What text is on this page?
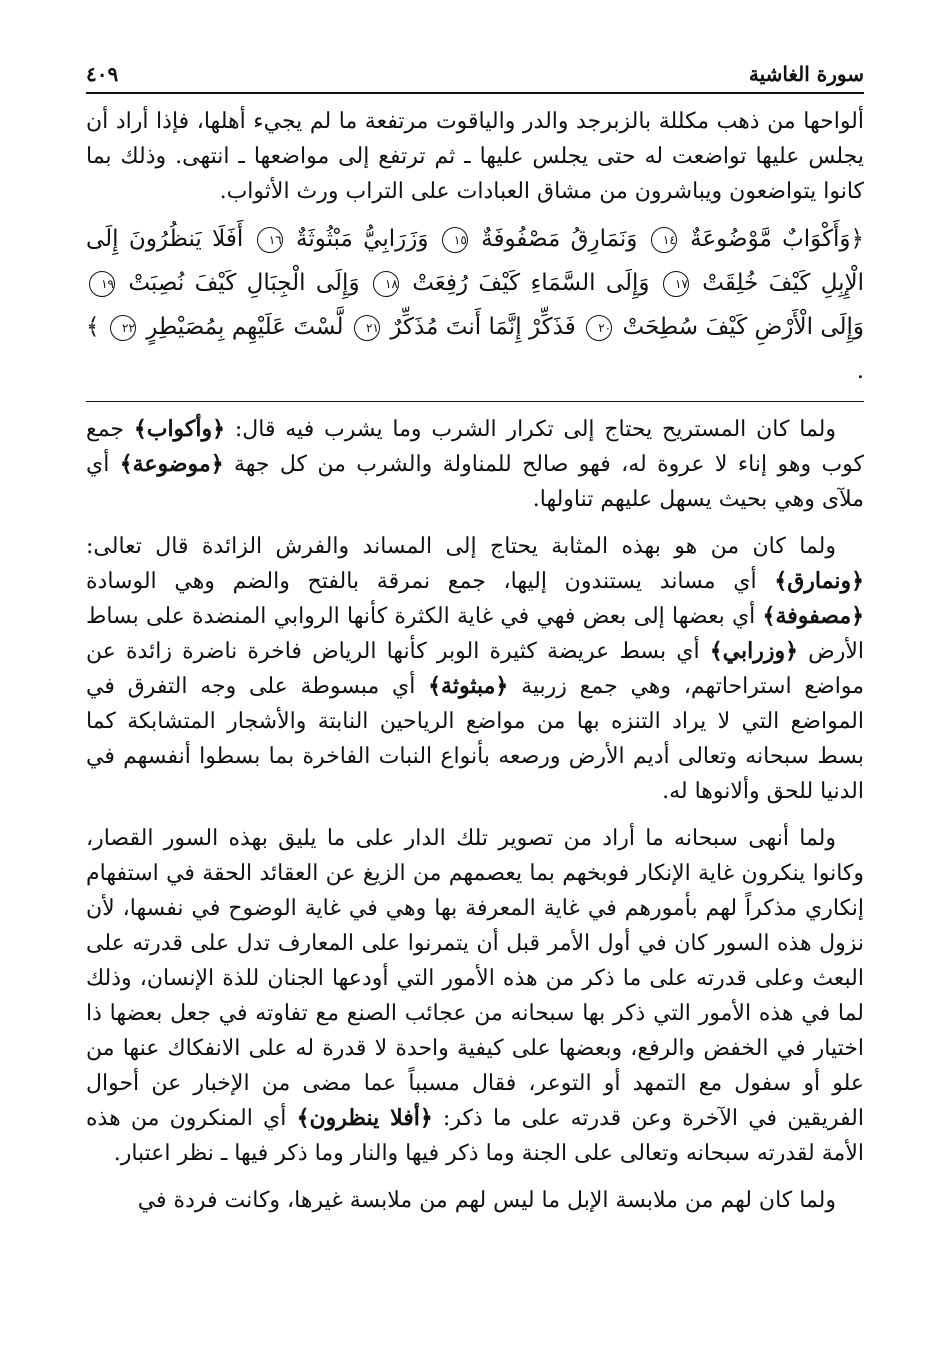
سورة الغاشية
٤٠٩

ألواحها من ذهب مكللة بالزبرجد والدر والياقوت مرتفعة ما لم يجيء أهلها، فإذا أراد أن يجلس عليها تواضعت له حتى يجلس عليها ـ ثم ترتفع إلى مواضعها ـ انتهى. وذلك بما كانوا يتواضعون ويباشرون من مشاق العبادات على التراب ورث الأثواب.

﴿وَأَكْوَابٌ مَّوْضُوعَةٌ ١٤ وَنَمَارِقُ مَصْفُوفَةٌ ١٥ وَزَرَابِيُّ مَبْثُوثَةٌ ١٦ أَفَلَا يَنظُرُونَ إِلَى الْإِبِلِ كَيْفَ خُلِقَتْ ١٧ وَإِلَى السَّمَاءِ كَيْفَ رُفِعَتْ ١٨ وَإِلَى الْجِبَالِ كَيْفَ نُصِبَتْ ١٩ وَإِلَى الْأَرْضِ كَيْفَ سُطِحَتْ ٢٠ فَذَكِّرْ إِنَّمَا أَنتَ مُذَكِّرٌ ٢١ لَّسْتَ عَلَيْهِم بِمُصَيْطِرٍ ٢٢ ﴾ .

ولما كان المستريح يحتاج إلى تكرار الشرب وما يشرب فيه قال: ﴿وأكواب﴾ جمع كوب وهو إناء لا عروة له، فهو صالح للمناولة والشرب من كل جهة ﴿موضوعة﴾ أي ملآى وهي بحيث يسهل عليهم تناولها.

ولما كان من هو بهذه المثابة يحتاج إلى المساند والفرش الزائدة قال تعالى: ﴿ونمارق﴾ أي مساند يستندون إليها، جمع نمرقة بالفتح والضم وهي الوسادة ﴿مصفوفة﴾ أي بعضها إلى بعض فهي في غاية الكثرة كأنها الروابي المنضدة على بساط الأرض ﴿وزرابي﴾ أي بسط عريضة كثيرة الوبر كأنها الرياض فاخرة ناضرة زائدة عن مواضع استراحاتهم، وهي جمع زربية ﴿مبثوثة﴾ أي مبسوطة على وجه التفرق في المواضع التي لا يراد التنزه بها من مواضع الرياحين النابتة والأشجار المتشابكة كما بسط سبحانه وتعالى أديم الأرض ورصعه بأنواع النبات الفاخرة بما بسطوا أنفسهم في الدنيا للحق وألانوها له.

ولما أنهى سبحانه ما أراد من تصوير تلك الدار على ما يليق بهذه السور القصار، وكانوا ينكرون غاية الإنكار فوبخهم بما يعصمهم من الزيغ عن العقائد الحقة في استفهام إنكاري مذكراً لهم بأمورهم في غاية المعرفة بها وهي في غاية الوضوح في نفسها، لأن نزول هذه السور كان في أول الأمر قبل أن يتمرنوا على المعارف تدل على قدرته على البعث وعلى قدرته على ما ذكر من هذه الأمور التي أودعها الجنان للذة الإنسان، وذلك لما في هذه الأمور التي ذكر بها سبحانه من عجائب الصنع مع تفاوته في جعل بعضها ذا اختيار في الخفض والرفع، وبعضها على كيفية واحدة لا قدرة له على الانفكاك عنها من علو أو سفول مع التمهد أو التوعر، فقال مسبباً عما مضى من الإخبار عن أحوال الفريقين في الآخرة وعن قدرته على ما ذكر: ﴿أفلا ينظرون﴾ أي المنكرون من هذه الأمة لقدرته سبحانه وتعالى على الجنة وما ذكر فيها والنار وما ذكر فيها ـ نظر اعتبار.

ولما كان لهم من ملابسة الإبل ما ليس لهم من ملابسة غيرها، وكانت فردة في
